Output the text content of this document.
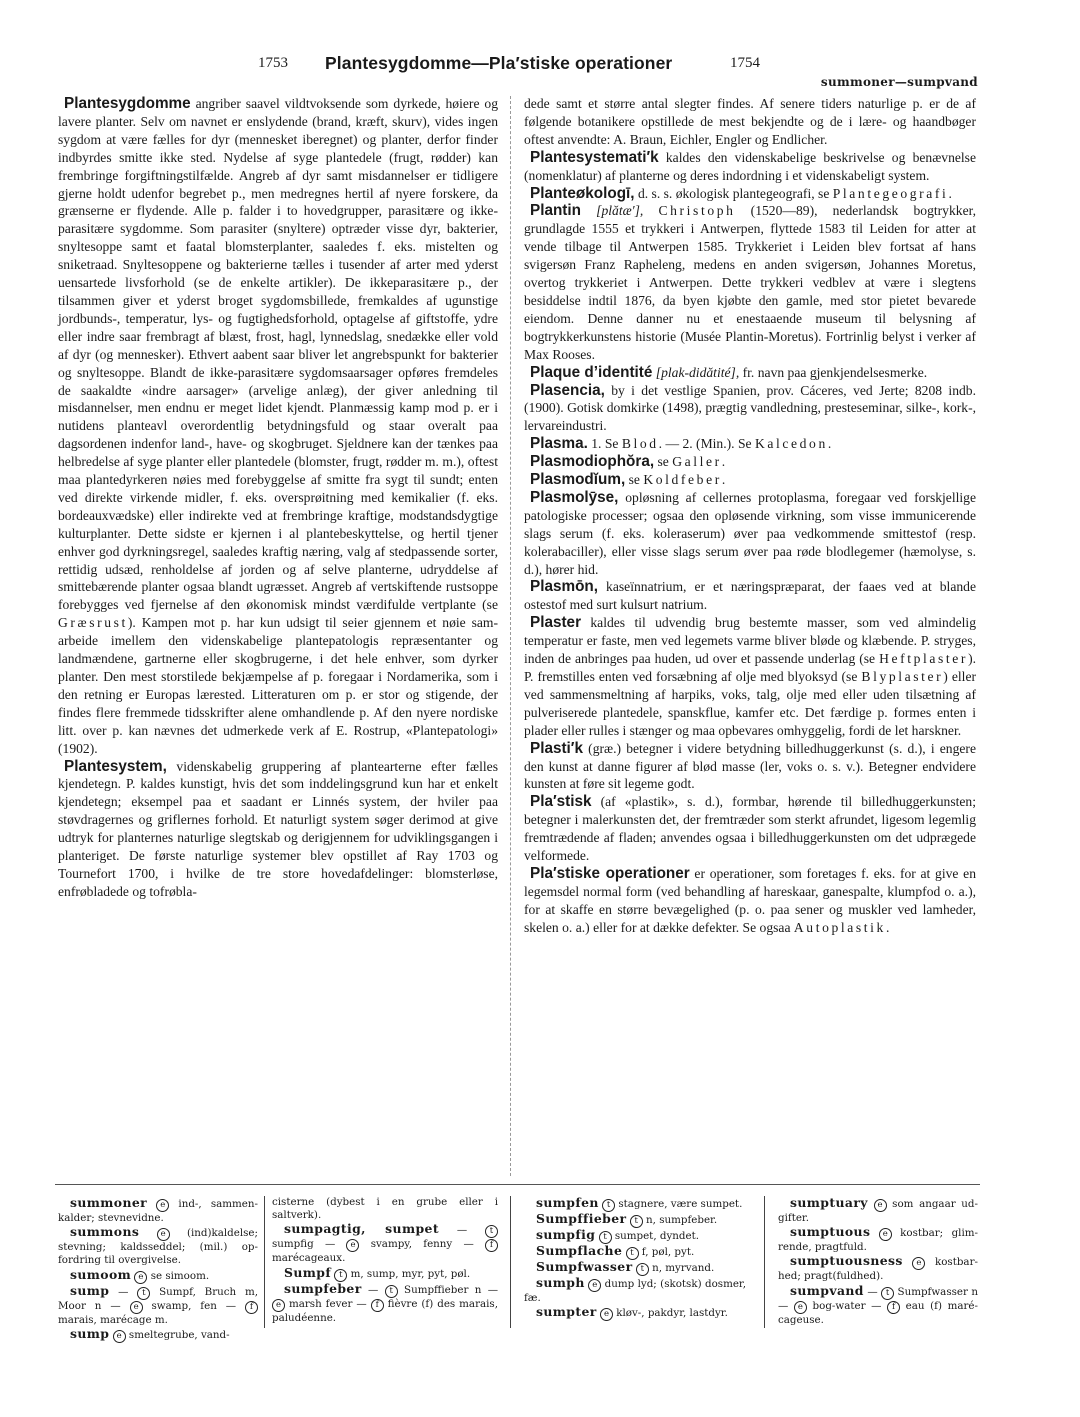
1753 Plantesygdomme—Pla′stiske operationer	1754
summoner—sumpvand

Plantesygdomme angriber saavel vildtvoksende som dyrkede, høiere og lavere planter. Selv om navnet er enslydende (brand, kræft, skurv), vides ingen sygdom at være fælles for dyr (mennesket iberegnet) og planter, derfor finder indbyrdes smitte ikke sted. Nydelse af syge plantedele (frugt, rødder) kan frembringe forgiftningstilfælde. Angreb af dyr samt misdannelser er tidligere gjerne holdt udenfor begrebet p., men medregnes hertil af nyere forskere, da grænserne er flydende. Alle p. falder i to hovedgrupper, parasitære og ikke-parasitære sygdomme. Som parasiter (snyltere) optræder visse dyr, bakterier, snyltesoppe samt et faatal blomsterplanter, saaledes f. eks. mistelten og sniketraad. Snyltesoppene og bakterierne tælles i tusender af arter med yderst uensartede livsforhold (se de enkelte artikler). De ikkeparasitære p., der tilsammen giver et yderst broget sygdomsbillede, fremkaldes af ugunstige jordbunds-, temperatur, lys- og fugtighedsforhold, optagelse af giftstoffe, ydre eller indre saar frembragt af blæst, frost, hagl, lynnedslag, snedække eller vold af dyr (og mennesker). Ethvert aabent saar bliver let angrebspunkt for bakterier og snyltesoppe. Blandt de ikke-parasitære sygdomsaarsager opføres fremdeles de saakaldte «indre aarsager» (arvelige anlæg), der giver anledning til misdannelser, men endnu er meget lidet kjendt. Planmæssig kamp mod p. er i nutidens planteavl overordentlig betydningsfuld og staar overalt paa dagsordenen indenfor land-, have- og skogbruget. Sjeldnere kan der tænkes paa helbredelse af syge planter eller plantedele (blomster, frugt, rødder m. m.), oftest maa plantedyrkeren nøies med forebyggelse af smitte fra sygt til sundt; enten ved direkte virkende midler, f. eks. oversprøitning med kemikalier (f. eks. bordeauxvædske) eller indirekte ved at frembringe kraftige, modstandsdygtige kulturplanter. Dette sidste er kjernen i al plantebeskyttelse, og hertil tjener enhver god dyrkningsregel, saaledes kraftig næring, valg af stedpassende sorter, rettidig udsæd, renholdelse af jorden og af selve planterne, udryddelse af smittebærende planter ogsaa blandt ugræsset. Angreb af vertskiftende rustsoppe forebygges ved fjernelse af den økonomisk mindst værdifulde vertplante (se Græsrust). Kampen mot p. har kun udsigt til seier gjennem et nøie samarbeide imellem den videnskabelige plantepatologis repræsentanter og landmændene, gartnerne eller skogbrugerne, i det hele enhver, som dyrker planter. Den mest storstilede bekjæmpelse af p. foregaar i Nordamerika, som i den retning er Europas lærested. Litteraturen om p. er stor og stigende, der findes flere fremmede tidsskrifter alene omhandlende p. Af den nyere nordiske litt. over p. kan nævnes det udmerkede verk af E. Rostrup, «Plantepatologi» (1902).

Plantesystem, videnskabelig gruppering af plantearterne efter fælles kjendetegn. P. kaldes kunstigt, hvis det som inddelingsgrund kun har et enkelt kjendetegn; eksempel paa et saadant er Linnés system, der hviler paa støvdragernes og griflernes forhold. Et naturligt system søger derimod at give udtryk for planternes naturlige slegtskab og derigjennem for udviklingsgangen i planteriget. De første naturlige systemer blev opstillet af Ray 1703 og Tournefort 1700, i hvilke de tre store hovedafdelinger: blomsterløse, enfrøbladede og tofrøbla-

dede samt et større antal slegter findes. Af senere tiders naturlige p. er de af følgende botanikere opstillede de mest bekjendte og de i lære- og haandbøger oftest anvendte: A. Braun, Eichler, Engler og Endlicher.

Plantesystemati′k kaldes den videnskabelige beskrivelse og benævnelse (nomenklatur) af planterne og deres indordning i et videnskabeligt system.

Planteøkologī, d. s. s. økologisk plantegeografi, se Plantegeografi.

Plantin [plătæ′], Christoph (1520—89), nederlandsk bogtrykker, grundlagde 1555 et trykkeri i Antwerpen, flyttede 1583 til Leiden for atter at vende tilbage til Antwerpen 1585. Trykkeriet i Leiden blev fortsat af hans svigersøn Franz Rapheleng, medens en anden svigersøn, Johannes Moretus, overtog trykkeriet i Antwerpen. Dette trykkeri vedblev at være i slegtens besiddelse indtil 1876, da byen kjøbte den gamle, med stor pietet bevarede eiendom. Denne danner nu et enestaaende museum til belysning af bogtrykkerkunstens historie (Musée Plantin-Moretus). Fortrinlig belyst i verker af Max Rooses.

Plaque d’identité [plak-didătité], fr. navn paa gjenkjendelsesmerke.

Plasencia, by i det vestlige Spanien, prov. Cáceres, ved Jerte; 8208 indb. (1900). Gotisk domkirke (1498), prægtig vandledning, presteseminar, silke-, kork-, lervareindustri.

Plasma. 1. Se Blod. — 2. (Min.). Se Kalcedon.

Plasmodiophŏra, se Galler.

Plasmodĭum, se Koldfeber.

Plasmolȳse, opløsning af cellernes protoplasma, foregaar ved forskjellige patologiske processer; ogsaa den opløsende virkning, som visse immunicerende slags serum (f. eks. koleraserum) øver paa vedkommende smittestof (resp. kolerabaciller), eller visse slags serum øver paa røde blodlegemer (hæmolyse, s. d.), hører hid.

Plasmōn, kaseïnnatrium, er et næringspræparat, der faaes ved at blande ostestof med surt kulsurt natrium.

Plaster kaldes til udvendig brug bestemte masser, som ved almindelig temperatur er faste, men ved legemets varme bliver bløde og klæbende. P. stryges, inden de anbringes paa huden, ud over et passende underlag (se Heftplaster). P. fremstilles enten ved forsæbning af olje med blyoksyd (se Blyplaster) eller ved sammensmeltning af harpiks, voks, talg, olje med eller uden tilsætning af pulveriserede plantedele, spanskflue, kamfer etc. Det færdige p. formes enten i plader eller rulles i stænger og maa opbevares omhyggelig, fordi de let harskner.

Plasti′k (græ.) betegner i videre betydning billedhuggerkunst (s. d.), i engere den kunst at danne figurer af blød masse (ler, voks o. s. v.). Betegner endvidere kunsten at føre sit legeme godt.

Pla′stisk (af «plastik», s. d.), formbar, hørende til billedhuggerkunsten; betegner i malerkunsten det, der fremtræder som sterkt afrundet, ligesom legemlig fremtrædende af fladen; anvendes ogsaa i billedhuggerkunsten om det udprægede velformede.

Pla′stiske operationer er operationer, som foretages f. eks. for at give en legemsdel normal form (ved behandling af hareskaar, ganespalte, klumpfod o. a.), for at skaffe en større bevægelighed (p. o. paa sener og muskler ved lamheder, skelen o. a.) eller for at dække defekter. Se ogsaa Autoplastik.

summoner e ind-, sammenkalder; stevnevidne.

summons	e (ind)kaldelse; stevning; kaldsseddel; (mil.) opfordring til overgivelse.

sumoom e se simoom.

sump — t Sumpf, Bruch m, Moor n — e swamp, fen — f marais, marécage m.

sump e smeltegrube, vand-

cisterne (dybest i en grube eller i saltverk).

sumpagtig, sumpet — t sumpfig — e svampy, fenny — f marécageaux.

Sumpf t m, sump, myr, pyt, pøl.

sumpfeber — t Sumpffieber n — e marsh fever — f fièvre (f) des marais, paludéenne.

sumpfen t stagnere, være sumpet.

Sumpffieber t n, sumpfeber.

sumpfig t sumpet, dyndet.

Sumpflache t f, pøl, pyt.

Sumpfwasser t n, myrvand.

sumph e dump lyd; (skotsk) dosmer, fæ.

sumpter e kløv-, pakdyr, lastdyr.

sumptuary e som angaar udgifter.

sumptuous e kostbar; glimrende, pragtfuld.

sumptuousness e kostbarhed; pragt(fuldhed).

sumpvand — t Sumpfwasser n — e bog-water — f eau (f) marécageuse.
